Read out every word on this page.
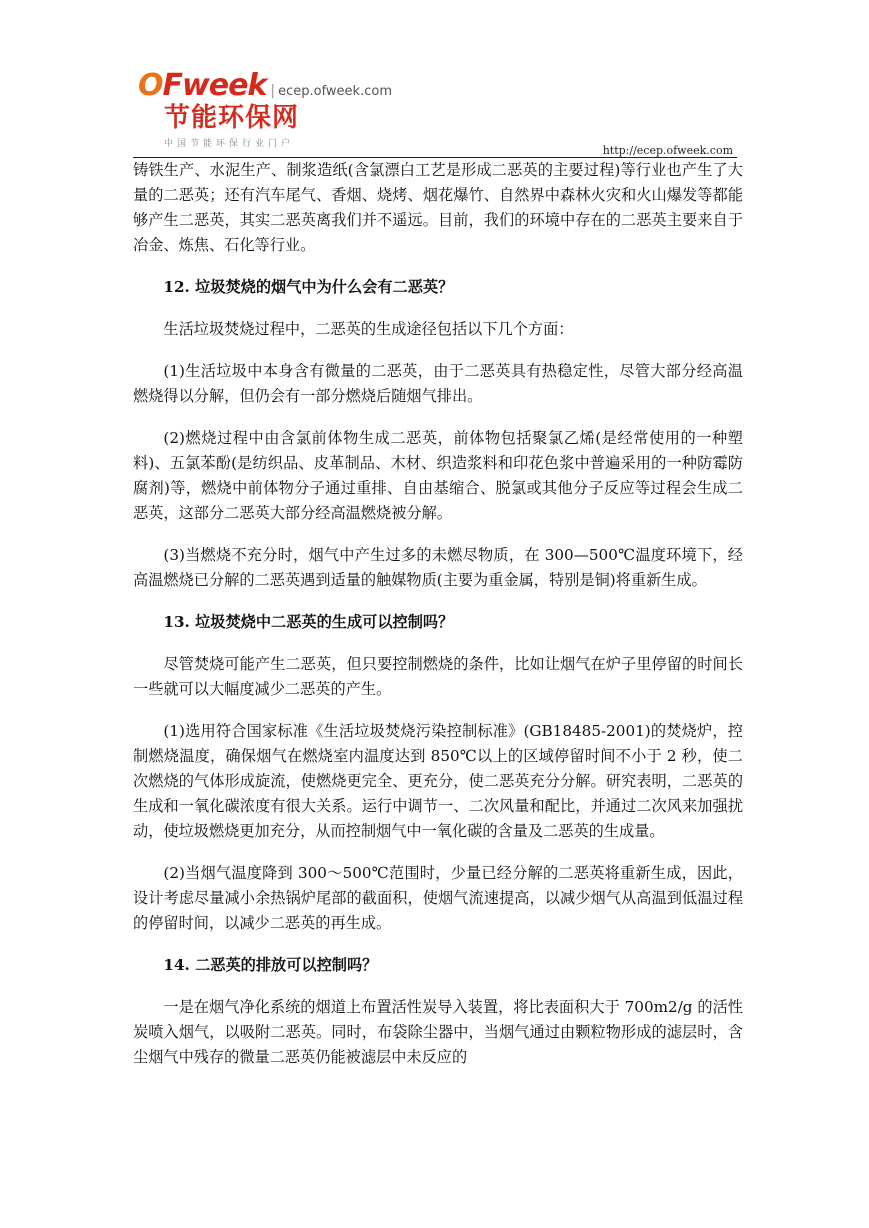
OFweek | ecep.ofweek.com
节能环保网
中国节能环保行业门户	http://ecep.ofweek.com

铸铁生产、水泥生产、制浆造纸(含氯漂白工艺是形成二恶英的主要过程)等行业也产生了大量的二恶英；还有汽车尾气、香烟、烧烤、烟花爆竹、自然界中森林火灾和火山爆发等都能够产生二恶英，其实二恶英离我们并不遥远。目前，我们的环境中存在的二恶英主要来自于冶金、炼焦、石化等行业。

12. 垃圾焚烧的烟气中为什么会有二恶英？

生活垃圾焚烧过程中，二恶英的生成途径包括以下几个方面：

(1)生活垃圾中本身含有微量的二恶英，由于二恶英具有热稳定性，尽管大部分经高温燃烧得以分解，但仍会有一部分燃烧后随烟气排出。

(2)燃烧过程中由含氯前体物生成二恶英，前体物包括聚氯乙烯(是经常使用的一种塑料)、五氯苯酚(是纺织品、皮革制品、木材、织造浆料和印花色浆中普遍采用的一种防霉防腐剂)等，燃烧中前体物分子通过重排、自由基缩合、脱氯或其他分子反应等过程会生成二恶英，这部分二恶英大部分经高温燃烧被分解。

(3)当燃烧不充分时，烟气中产生过多的未燃尽物质，在 300—500℃温度环境下，经高温燃烧已分解的二恶英遇到适量的触媒物质(主要为重金属，特别是铜)将重新生成。

13. 垃圾焚烧中二恶英的生成可以控制吗？

尽管焚烧可能产生二恶英，但只要控制燃烧的条件，比如让烟气在炉子里停留的时间长一些就可以大幅度减少二恶英的产生。

(1)选用符合国家标准《生活垃圾焚烧污染控制标准》(GB18485-2001)的焚烧炉，控制燃烧温度，确保烟气在燃烧室内温度达到 850℃以上的区域停留时间不小于 2 秒，使二次燃烧的气体形成旋流，使燃烧更完全、更充分，使二恶英充分分解。研究表明，二恶英的生成和一氧化碳浓度有很大关系。运行中调节一、二次风量和配比，并通过二次风来加强扰动，使垃圾燃烧更加充分，从而控制烟气中一氧化碳的含量及二恶英的生成量。

(2)当烟气温度降到 300～500℃范围时，少量已经分解的二恶英将重新生成，因此，设计考虑尽量减小余热锅炉尾部的截面积，使烟气流速提高，以减少烟气从高温到低温过程的停留时间，以减少二恶英的再生成。

14. 二恶英的排放可以控制吗？

一是在烟气净化系统的烟道上布置活性炭导入装置，将比表面积大于 700m2/g 的活性炭喷入烟气，以吸附二恶英。同时，布袋除尘器中，当烟气通过由颗粒物形成的滤层时，含尘烟气中残存的微量二恶英仍能被滤层中未反应的
